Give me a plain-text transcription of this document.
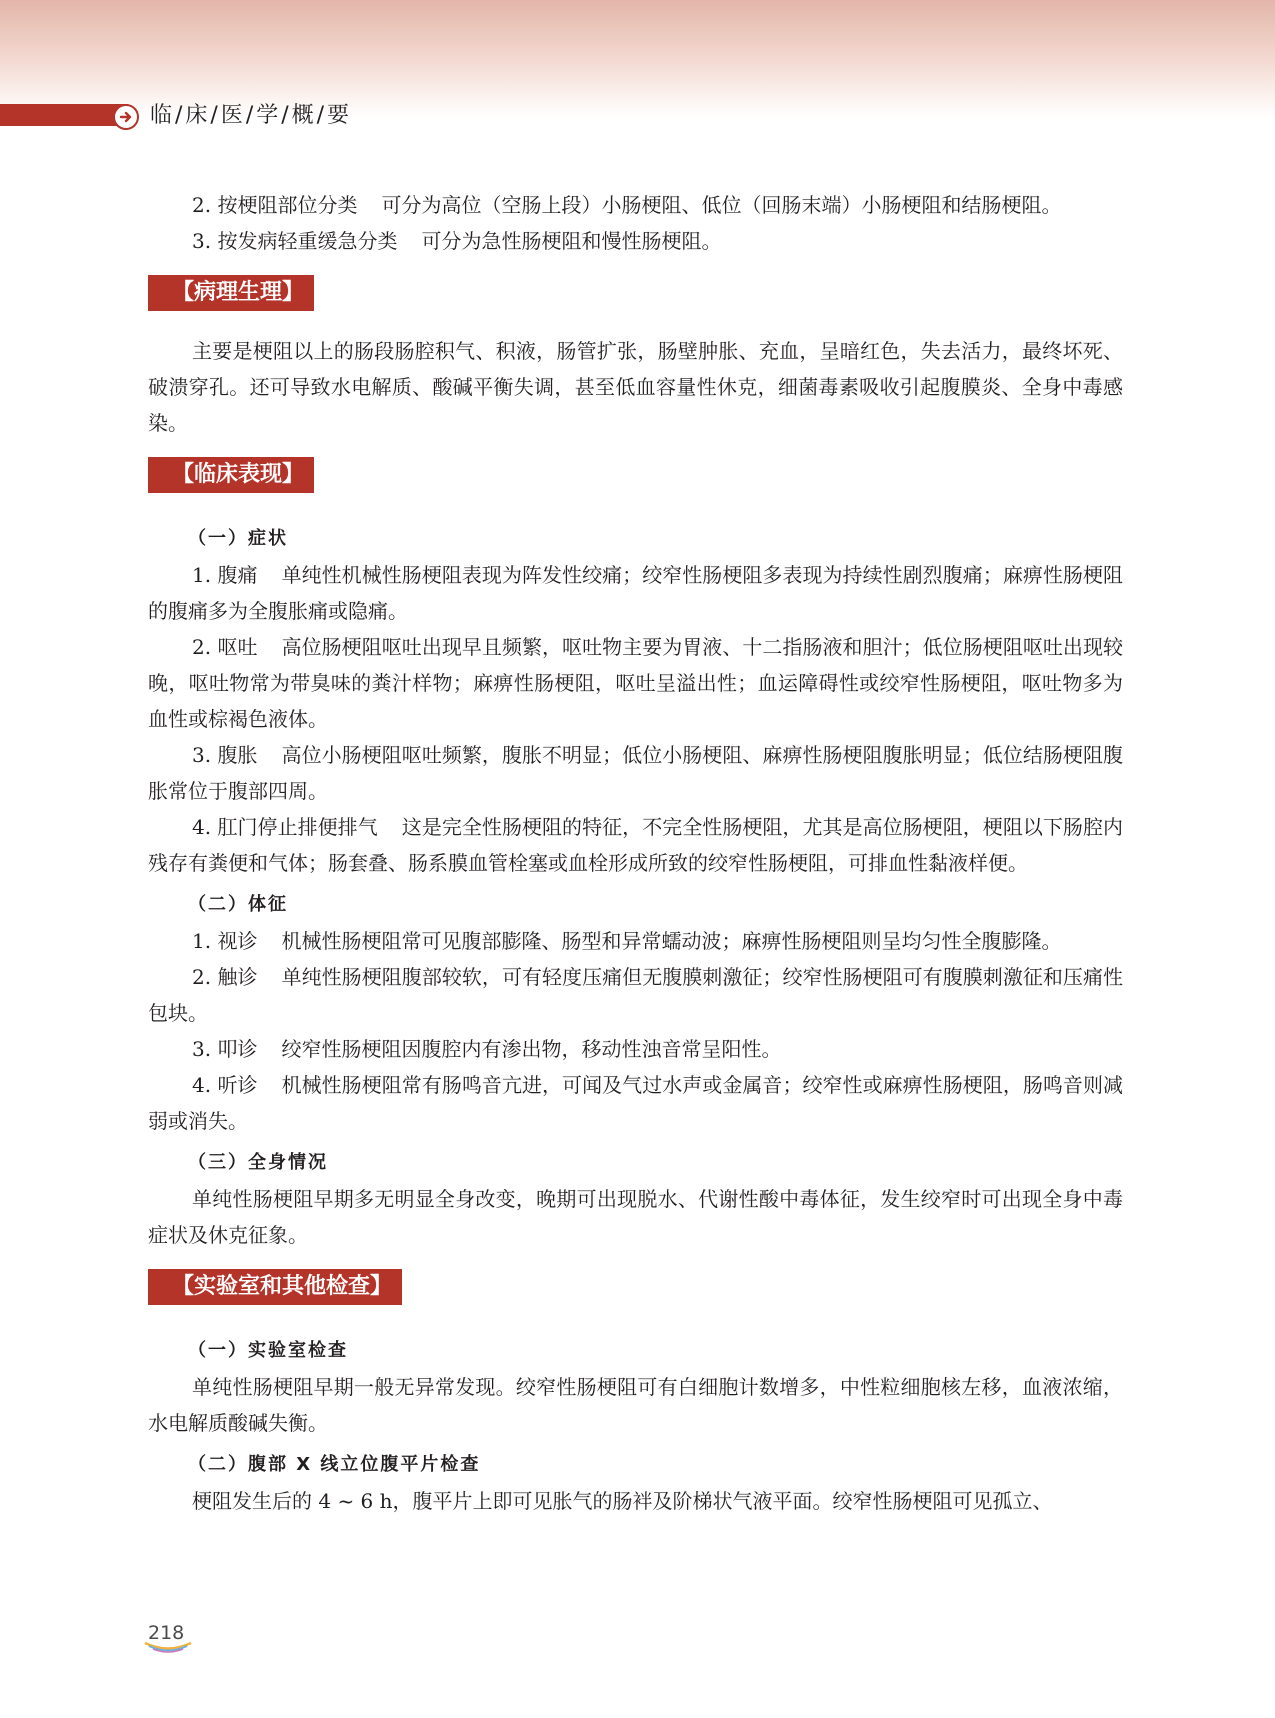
临/床/医/学/概/要

2. 按梗阻部位分类 可分为高位（空肠上段）小肠梗阻、低位（回肠末端）小肠梗阻和结肠梗阻。

3. 按发病轻重缓急分类 可分为急性肠梗阻和慢性肠梗阻。

【病理生理】

主要是梗阻以上的肠段肠腔积气、积液，肠管扩张，肠壁肿胀、充血，呈暗红色，失去活力，最终坏死、破溃穿孔。还可导致水电解质、酸碱平衡失调，甚至低血容量性休克，细菌毒素吸收引起腹膜炎、全身中毒感染。

【临床表现】
（一）症状

1. 腹痛 单纯性机械性肠梗阻表现为阵发性绞痛；绞窄性肠梗阻多表现为持续性剧烈腹痛；麻痹性肠梗阻的腹痛多为全腹胀痛或隐痛。

2. 呕吐 高位肠梗阻呕吐出现早且频繁，呕吐物主要为胃液、十二指肠液和胆汁；低位肠梗阻呕吐出现较晚，呕吐物常为带臭味的粪汁样物；麻痹性肠梗阻，呕吐呈溢出性；血运障碍性或绞窄性肠梗阻，呕吐物多为血性或棕褐色液体。

3. 腹胀 高位小肠梗阻呕吐频繁，腹胀不明显；低位小肠梗阻、麻痹性肠梗阻腹胀明显；低位结肠梗阻腹胀常位于腹部四周。

4. 肛门停止排便排气 这是完全性肠梗阻的特征，不完全性肠梗阻，尤其是高位肠梗阻，梗阻以下肠腔内残存有粪便和气体；肠套叠、肠系膜血管栓塞或血栓形成所致的绞窄性肠梗阻，可排血性黏液样便。

（二）体征

1. 视诊 机械性肠梗阻常可见腹部膨隆、肠型和异常蠕动波；麻痹性肠梗阻则呈均匀性全腹膨隆。

2. 触诊 单纯性肠梗阻腹部较软，可有轻度压痛但无腹膜刺激征；绞窄性肠梗阻可有腹膜刺激征和压痛性包块。

3. 叩诊 绞窄性肠梗阻因腹腔内有渗出物，移动性浊音常呈阳性。

4. 听诊 机械性肠梗阻常有肠鸣音亢进，可闻及气过水声或金属音；绞窄性或麻痹性肠梗阻，肠鸣音则减弱或消失。

（三）全身情况

单纯性肠梗阻早期多无明显全身改变，晚期可出现脱水、代谢性酸中毒体征，发生绞窄时可出现全身中毒症状及休克征象。

【实验室和其他检查】
（一）实验室检查

单纯性肠梗阻早期一般无异常发现。绞窄性肠梗阻可有白细胞计数增多，中性粒细胞核左移，血液浓缩，水电解质酸碱失衡。

（二）腹部 X 线立位腹平片检查

梗阻发生后的 4 ~ 6 h，腹平片上即可见胀气的肠袢及阶梯状气液平面。绞窄性肠梗阻可见孤立、

218
